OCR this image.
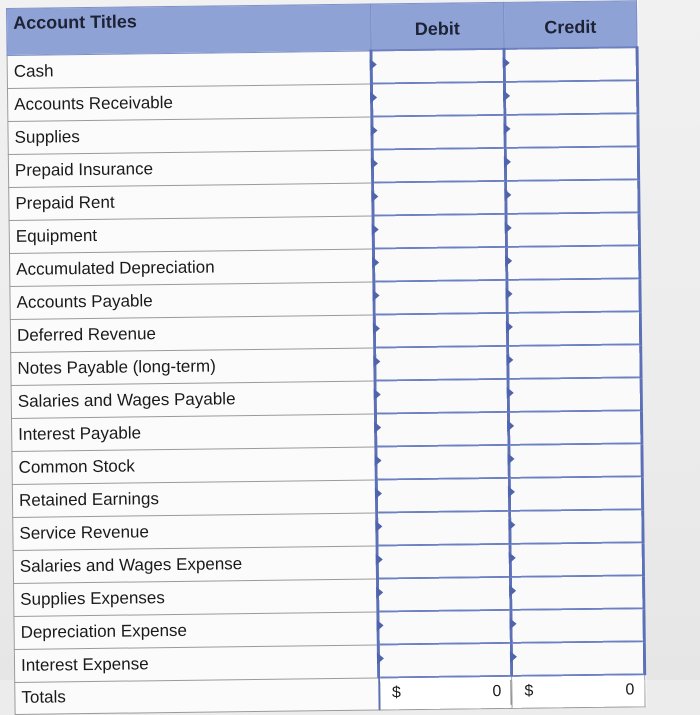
Account Titles	Debit	Credit
Cash	

Accounts Receivable	

Supplies	

Prepaid Insurance	

Prepaid Rent	

Equipment	

Accumulated Depreciation	

Accounts Payable	

Deferred Revenue	

Notes Payable (long-term)	

Salaries and Wages Payable	

Interest Payable	

Common Stock	

Retained Earnings	

Service Revenue	

Salaries and Wages Expense	

Supplies Expenses	

Depreciation Expense	

Interest Expense	

Totals	$ 0	$ 0
